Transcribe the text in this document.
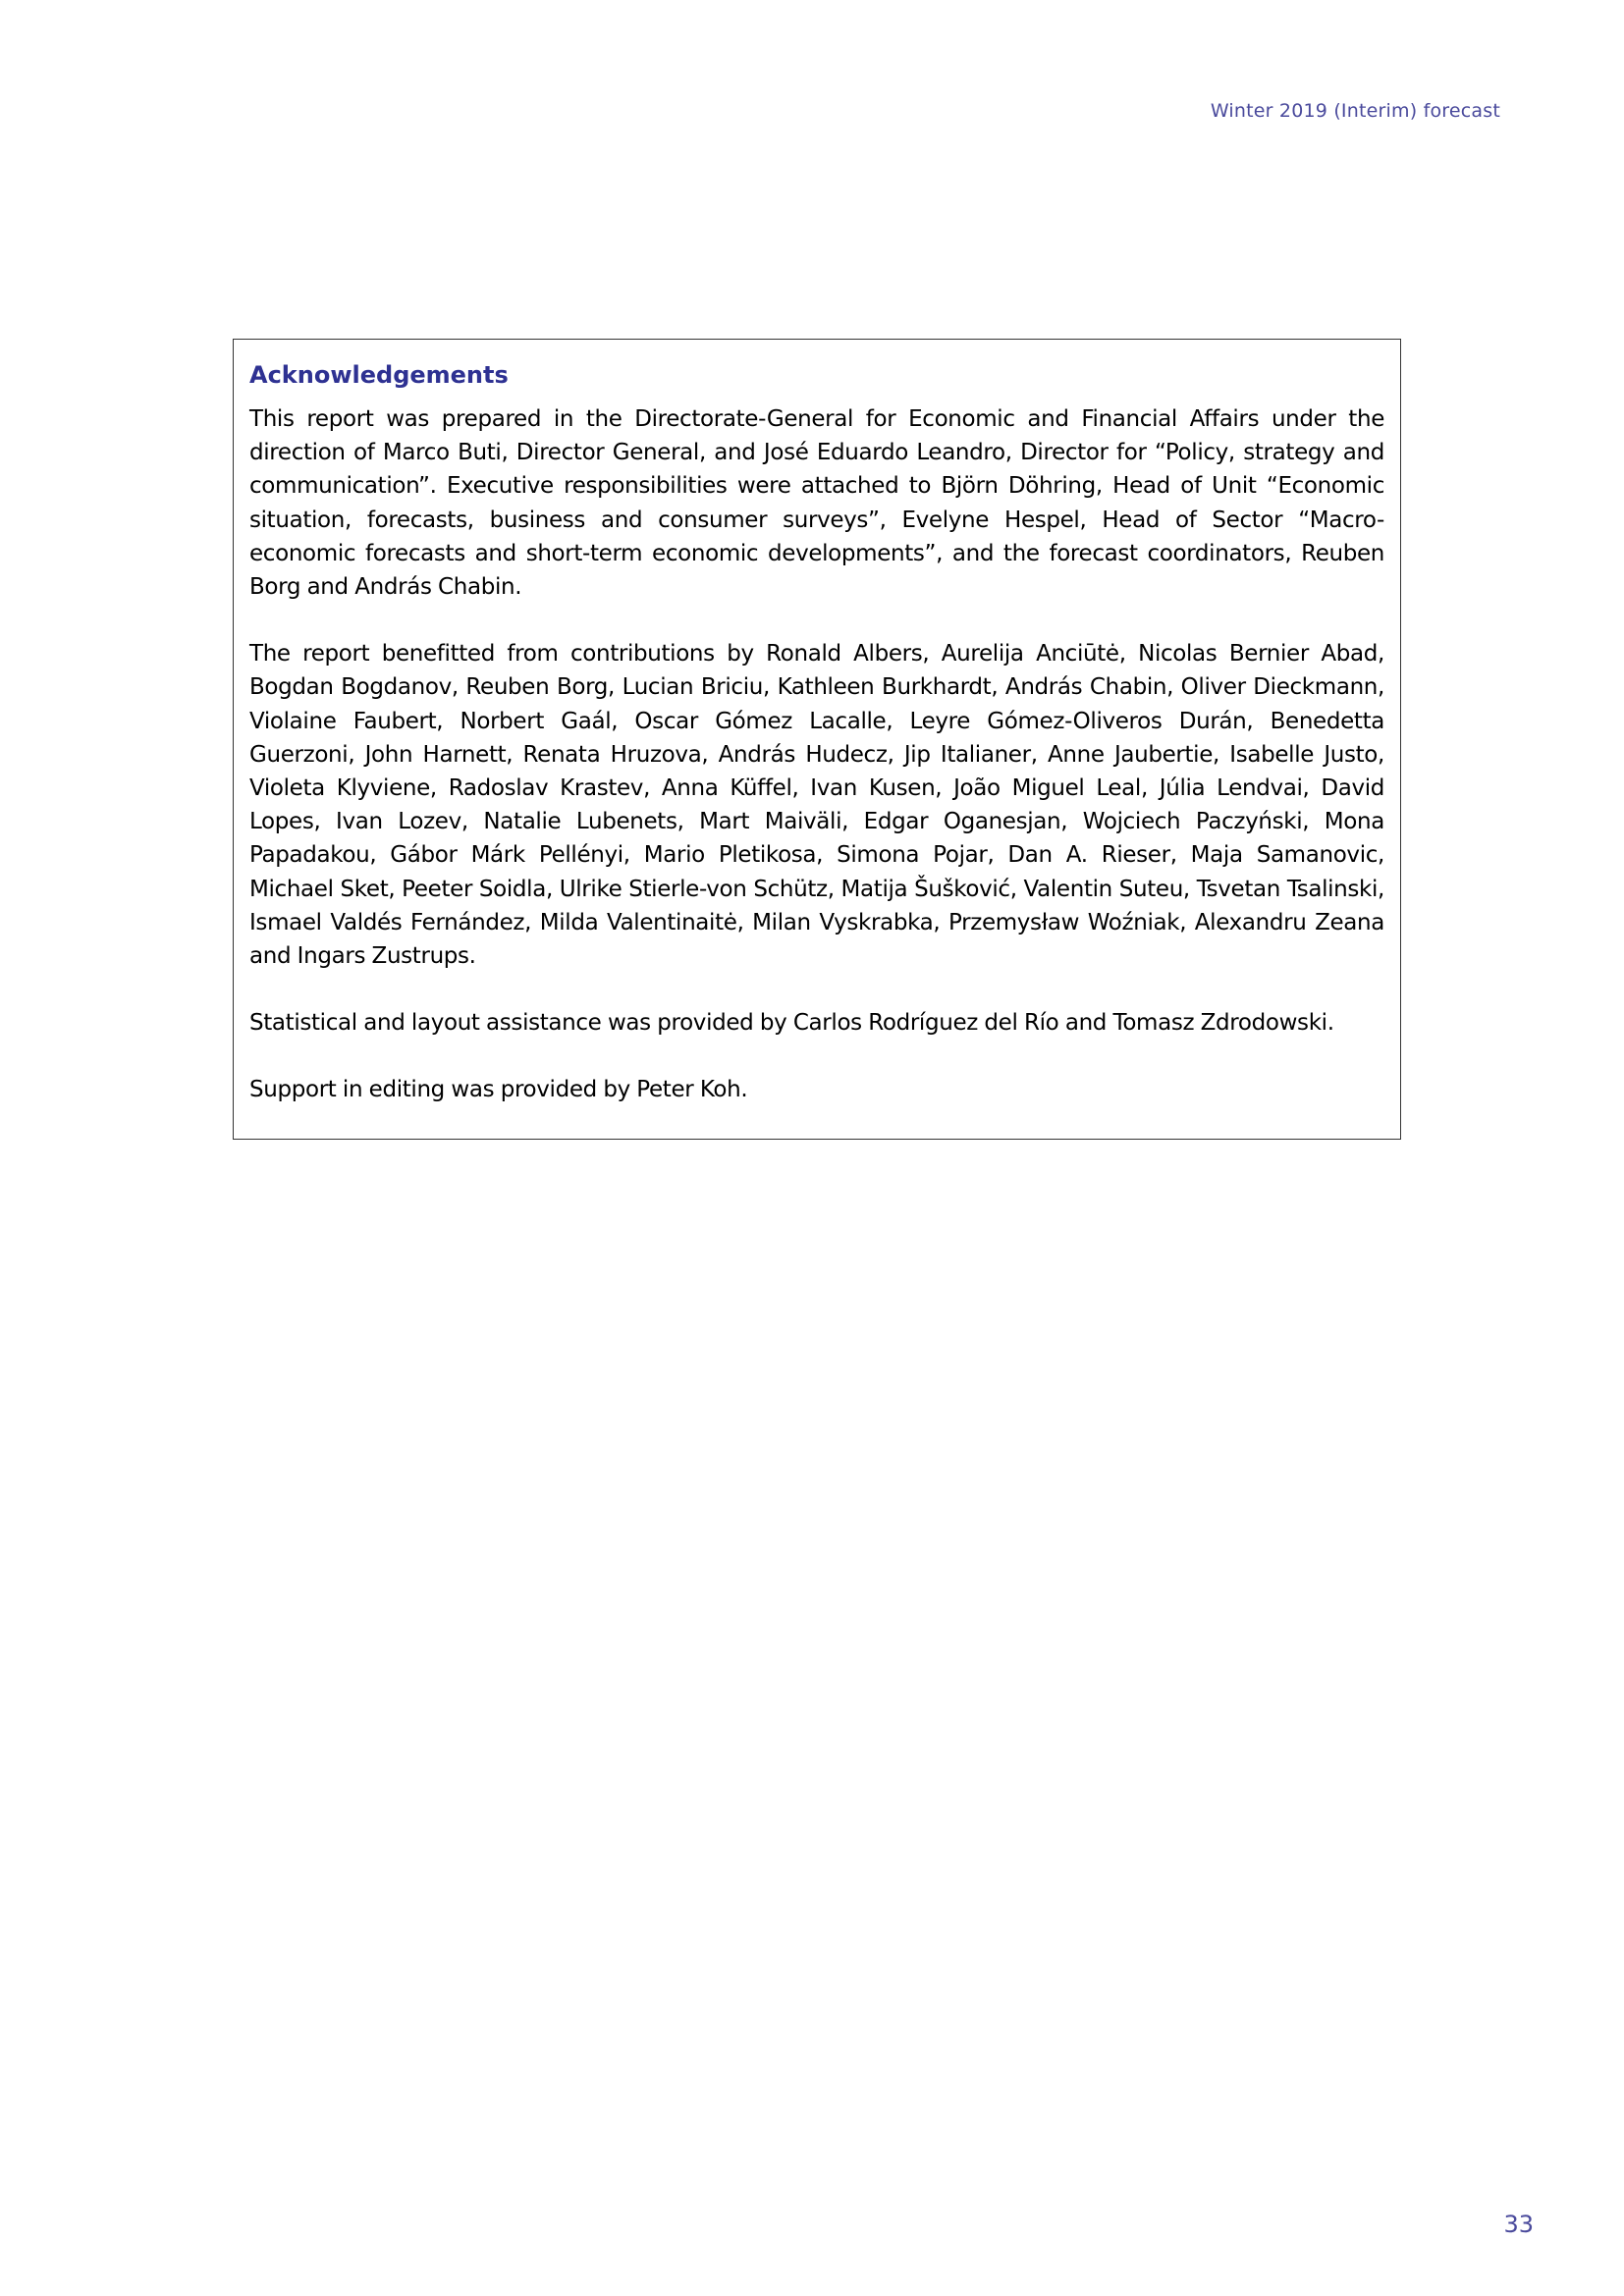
Winter 2019 (Interim) forecast
Acknowledgements

This report was prepared in the Directorate-General for Economic and Financial Affairs under the direction of Marco Buti, Director General, and José Eduardo Leandro, Director for “Policy, strategy and communication”. Executive responsibilities were attached to Björn Döhring, Head of Unit “Economic situation, forecasts, business and consumer surveys”, Evelyne Hespel, Head of Sector “Macro-economic forecasts and short-term economic developments”, and the forecast coordinators, Reuben Borg and András Chabin.

The report benefitted from contributions by Ronald Albers, Aurelija Anciūtė, Nicolas Bernier Abad, Bogdan Bogdanov, Reuben Borg, Lucian Briciu, Kathleen Burkhardt, András Chabin, Oliver Dieckmann, Violaine Faubert, Norbert Gaál, Oscar Gómez Lacalle, Leyre Gómez-Oliveros Durán, Benedetta Guerzoni, John Harnett, Renata Hruzova, András Hudecz, Jip Italianer, Anne Jaubertie, Isabelle Justo, Violeta Klyviene, Radoslav Krastev, Anna Küffel, Ivan Kusen, João Miguel Leal, Júlia Lendvai, David Lopes, Ivan Lozev, Natalie Lubenets, Mart Maiväli, Edgar Oganesjan, Wojciech Paczyński, Mona Papadakou, Gábor Márk Pellényi, Mario Pletikosa, Simona Pojar, Dan A. Rieser, Maja Samanovic, Michael Sket, Peeter Soidla, Ulrike Stierle-von Schütz, Matija Šušković, Valentin Suteu, Tsvetan Tsalinski, Ismael Valdés Fernández, Milda Valentinaitė, Milan Vyskrabka, Przemysław Woźniak, Alexandru Zeana and Ingars Zustrups.

Statistical and layout assistance was provided by Carlos Rodríguez del Río and Tomasz Zdrodowski.

Support in editing was provided by Peter Koh.

33
